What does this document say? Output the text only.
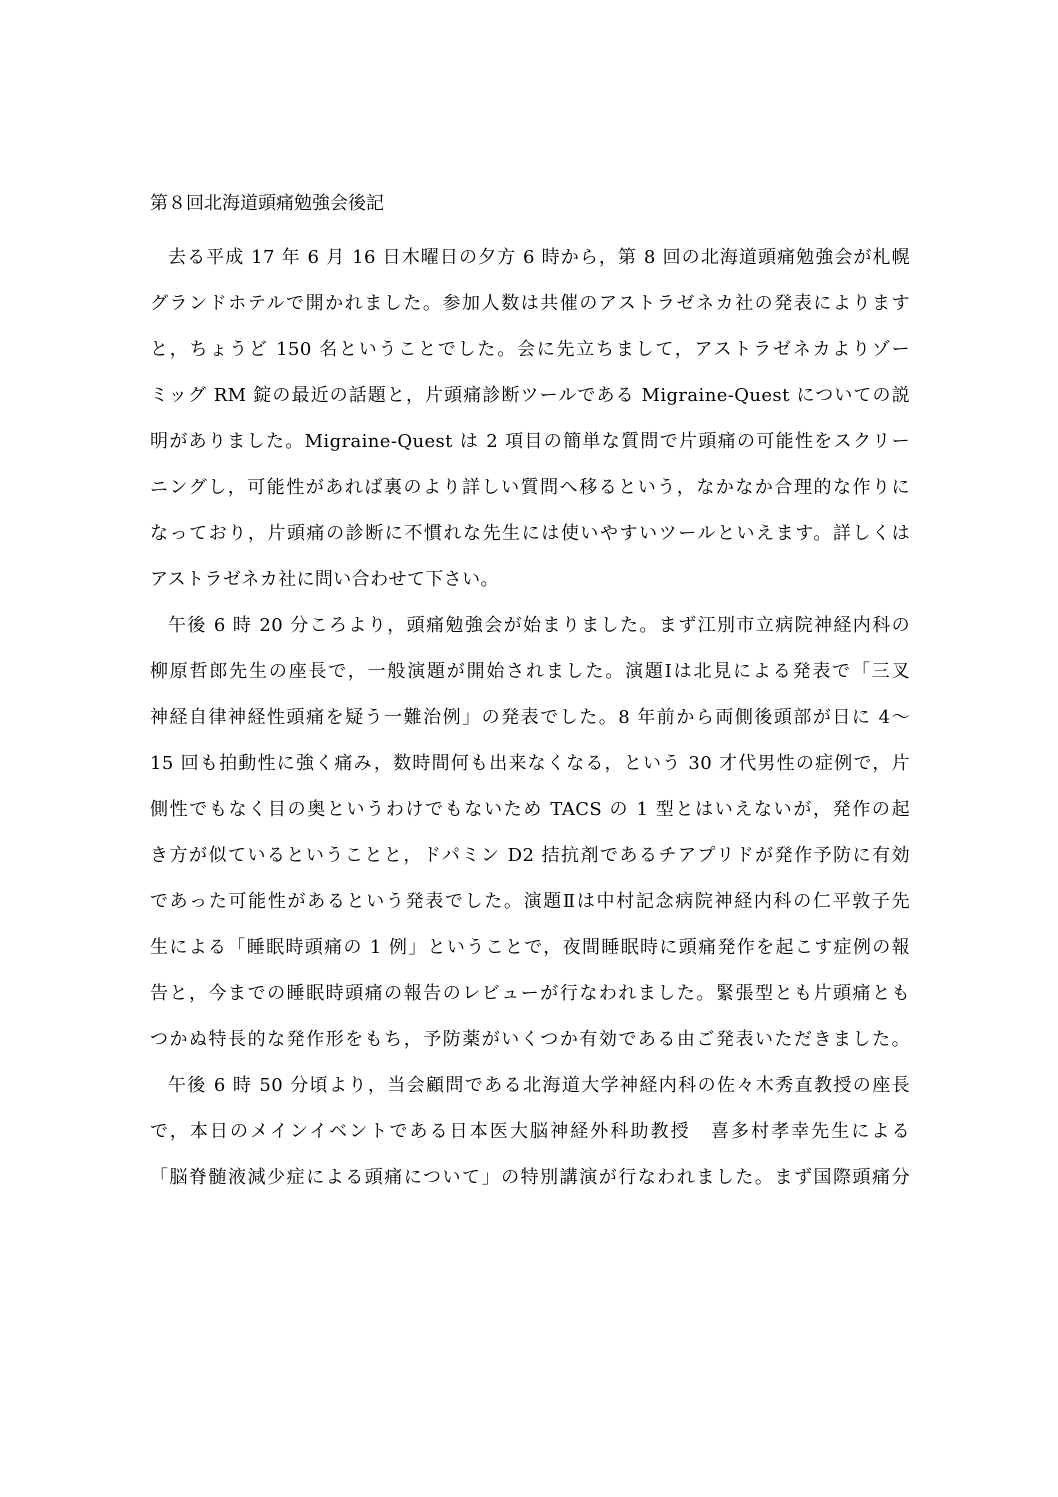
第８回北海道頭痛勉強会後記
去る平成 17 年 6 月 16 日木曜日の夕方 6 時から，第 8 回の北海道頭痛勉強会が札幌
グランドホテルで開かれました。参加人数は共催のアストラゼネカ社の発表によります
と，ちょうど 150 名ということでした。会に先立ちまして，アストラゼネカよりゾー
ミッグ RM 錠の最近の話題と，片頭痛診断ツールである Migraine-Quest についての説
明がありました。Migraine-Quest は 2 項目の簡単な質問で片頭痛の可能性をスクリー
ニングし，可能性があれば裏のより詳しい質問へ移るという，なかなか合理的な作りに
なっており，片頭痛の診断に不慣れな先生には使いやすいツールといえます。詳しくは
アストラゼネカ社に問い合わせて下さい。
午後 6 時 20 分ころより，頭痛勉強会が始まりました。まず江別市立病院神経内科の
柳原哲郎先生の座長で，一般演題が開始されました。演題Ⅰは北見による発表で「三叉
神経自律神経性頭痛を疑う一難治例」の発表でした。8 年前から両側後頭部が日に 4～
15 回も拍動性に強く痛み，数時間何も出来なくなる，という 30 才代男性の症例で，片
側性でもなく目の奥というわけでもないため TACS の 1 型とはいえないが，発作の起
き方が似ているということと，ドパミン D2 拮抗剤であるチアプリドが発作予防に有効
であった可能性があるという発表でした。演題Ⅱは中村記念病院神経内科の仁平敦子先
生による「睡眠時頭痛の 1 例」ということで，夜間睡眠時に頭痛発作を起こす症例の報
告と，今までの睡眠時頭痛の報告のレビューが行なわれました。緊張型とも片頭痛とも
つかぬ特長的な発作形をもち，予防薬がいくつか有効である由ご発表いただきました。
午後 6 時 50 分頃より，当会顧問である北海道大学神経内科の佐々木秀直教授の座長
で，本日のメインイベントである日本医大脳神経外科助教授　喜多村孝幸先生による
「脳脊髄液減少症による頭痛について」の特別講演が行なわれました。まず国際頭痛分
